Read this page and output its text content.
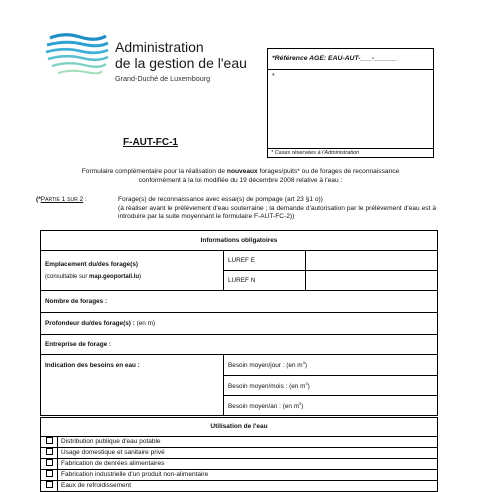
Administration
de la gestion de l'eau
Grand-Duché de Luxembourg
*Référence AGE: EAU-AUT-___-______
*
* Cases réservées à l'Administration
F-AUT-FC-1
Formulaire complémentaire pour la réalisation de nouveaux forages/puits* ou de forages de reconnaissance
conformément à la loi modifiée du 19 décembre 2008 relative à l'eau :
(*Partie 1 sur 2 :	Forage(s) de reconnaissance avec essai(s) de pompage (art 23 §1 o))
(à réaliser avant le prélèvement d'eau souterraine ; la demande d'autorisation par le prélèvement d'eau est à introduire par la suite moyennant le formulaire F-AUT-FC-2))
Informations obligatoires		

Emplacement du/des forage(s)
(consultable sur map.geoportail.lu)	LUREF E	
	LUREF N	
Nombre de forages :		
Profondeur du/des forage(s) : (en m)		
Entreprise de forage :		
Indication des besoins en eau :	Besoin moyen/jour : (en $m^3$)	
	Besoin moyen/mois : (en $m^3$)	
	Besoin moyen/an : (en $m^3$)	
Utilisation de l'eau	
	Distribution publique d'eau potable
	Usage domestique et sanitaire privé
	Fabrication de denrées alimentaires
	Fabrication industrielle d'un produit non-alimentaire
	Eaux de refroidissement
